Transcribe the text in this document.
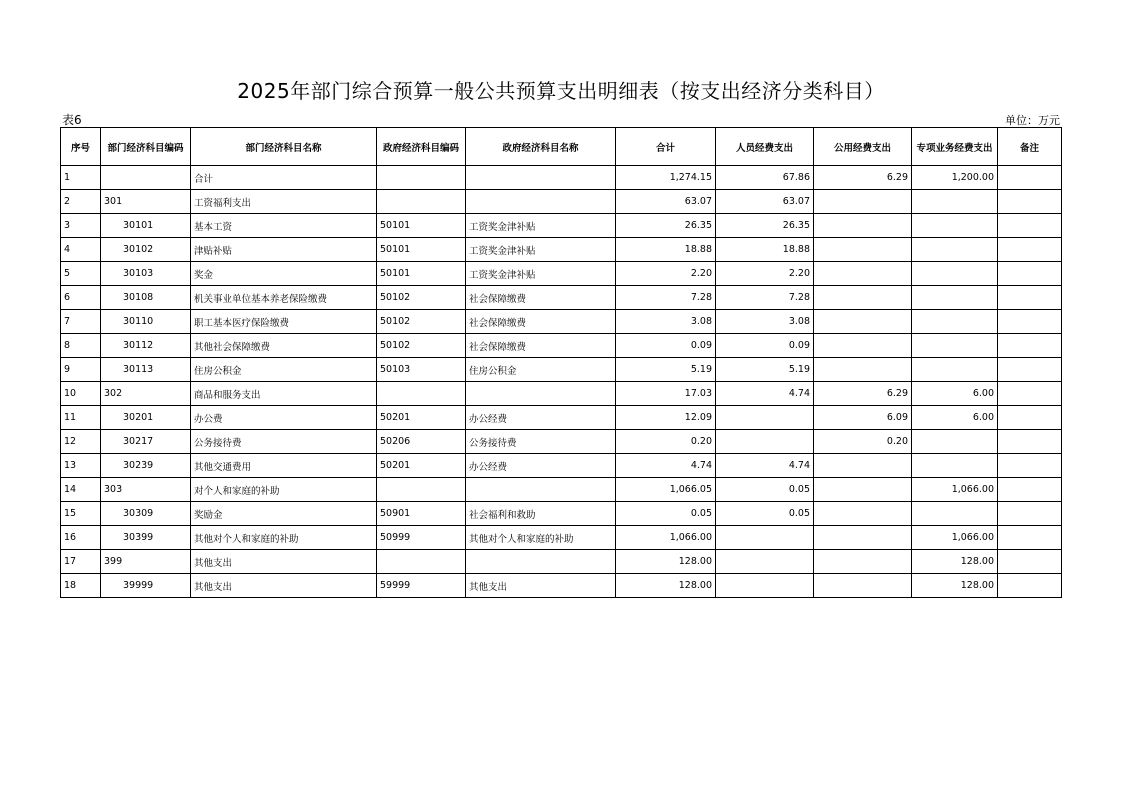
2025年部门综合预算一般公共预算支出明细表（按支出经济分类科目）
表6	单位：万元
序号	部门经济科目编码	部门经济科目名称	政府经济科目编码	政府经济科目名称	合计	人员经费支出	公用经费支出	专项业务经费支出	备注
1		合计			1,274.15	67.86	6.29	1,200.00	
2	301	工资福利支出			63.07	63.07			
3	30101	基本工资	50101	工资奖金津补贴	26.35	26.35			
4	30102	津贴补贴	50101	工资奖金津补贴	18.88	18.88			
5	30103	奖金	50101	工资奖金津补贴	2.20	2.20			
6	30108	机关事业单位基本养老保险缴费	50102	社会保障缴费	7.28	7.28			
7	30110	职工基本医疗保险缴费	50102	社会保障缴费	3.08	3.08			
8	30112	其他社会保障缴费	50102	社会保障缴费	0.09	0.09			
9	30113	住房公积金	50103	住房公积金	5.19	5.19			
10	302	商品和服务支出			17.03	4.74	6.29	6.00	
11	30201	办公费	50201	办公经费	12.09		6.09	6.00	
12	30217	公务接待费	50206	公务接待费	0.20		0.20		
13	30239	其他交通费用	50201	办公经费	4.74	4.74			
14	303	对个人和家庭的补助			1,066.05	0.05		1,066.00	
15	30309	奖励金	50901	社会福利和救助	0.05	0.05			
16	30399	其他对个人和家庭的补助	50999	其他对个人和家庭的补助	1,066.00			1,066.00	
17	399	其他支出			128.00			128.00	
18	39999	其他支出	59999	其他支出	128.00			128.00	
